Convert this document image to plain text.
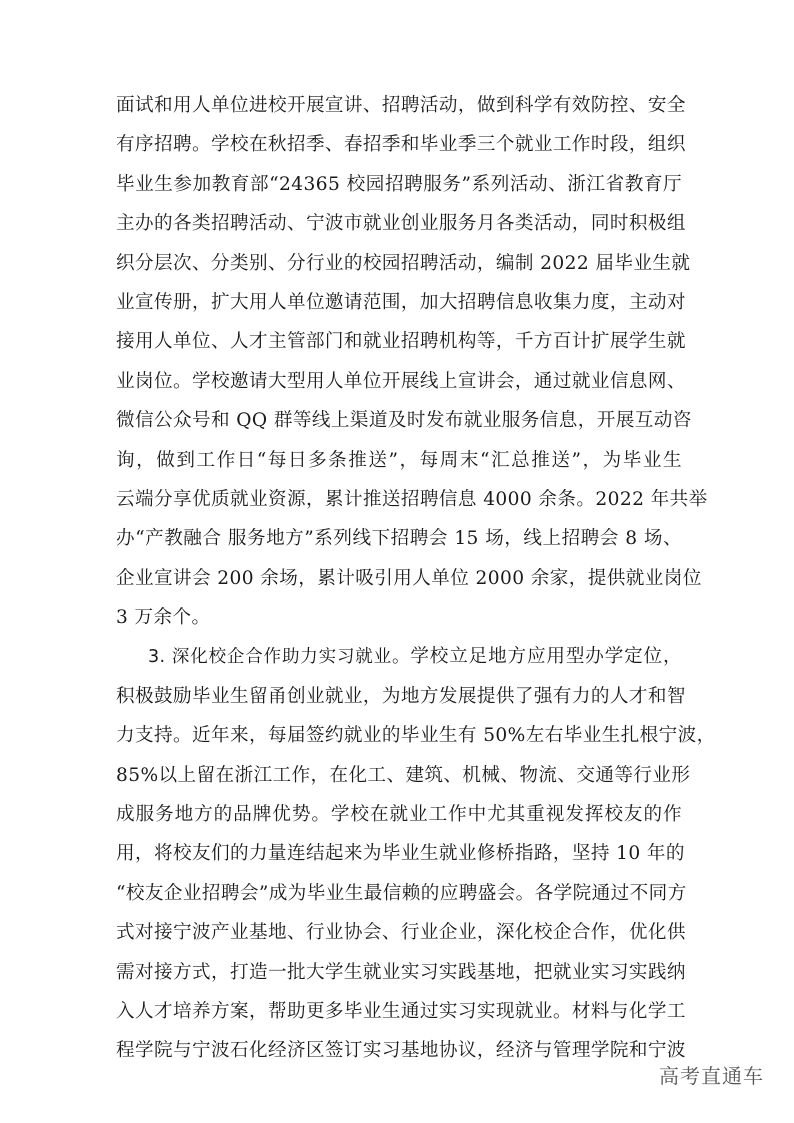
面试和用人单位进校开展宣讲、招聘活动，做到科学有效防控、安全
有序招聘。学校在秋招季、春招季和毕业季三个就业工作时段，组织
毕业生参加教育部“24365 校园招聘服务”系列活动、浙江省教育厅
主办的各类招聘活动、宁波市就业创业服务月各类活动，同时积极组
织分层次、分类别、分行业的校园招聘活动，编制 2022 届毕业生就
业宣传册，扩大用人单位邀请范围，加大招聘信息收集力度，主动对
接用人单位、人才主管部门和就业招聘机构等，千方百计扩展学生就
业岗位。学校邀请大型用人单位开展线上宣讲会，通过就业信息网、
微信公众号和 QQ 群等线上渠道及时发布就业服务信息，开展互动咨
询，做到工作日“每日多条推送”，每周末“汇总推送”，为毕业生
云端分享优质就业资源，累计推送招聘信息 4000 余条。2022 年共举
办“产教融合 服务地方”系列线下招聘会 15 场，线上招聘会 8 场、
企业宣讲会 200 余场，累计吸引用人单位 2000 余家，提供就业岗位
3 万余个。
3. 深化校企合作助力实习就业。学校立足地方应用型办学定位，
积极鼓励毕业生留甬创业就业，为地方发展提供了强有力的人才和智
力支持。近年来，每届签约就业的毕业生有 50%左右毕业生扎根宁波，
85%以上留在浙江工作，在化工、建筑、机械、物流、交通等行业形
成服务地方的品牌优势。学校在就业工作中尤其重视发挥校友的作
用，将校友们的力量连结起来为毕业生就业修桥指路，坚持 10 年的
“校友企业招聘会”成为毕业生最信赖的应聘盛会。各学院通过不同方
式对接宁波产业基地、行业协会、行业企业，深化校企合作，优化供
需对接方式，打造一批大学生就业实习实践基地，把就业实习实践纳
入人才培养方案，帮助更多毕业生通过实习实现就业。材料与化学工
程学院与宁波石化经济区签订实习基地协议，经济与管理学院和宁波
高考直通车
